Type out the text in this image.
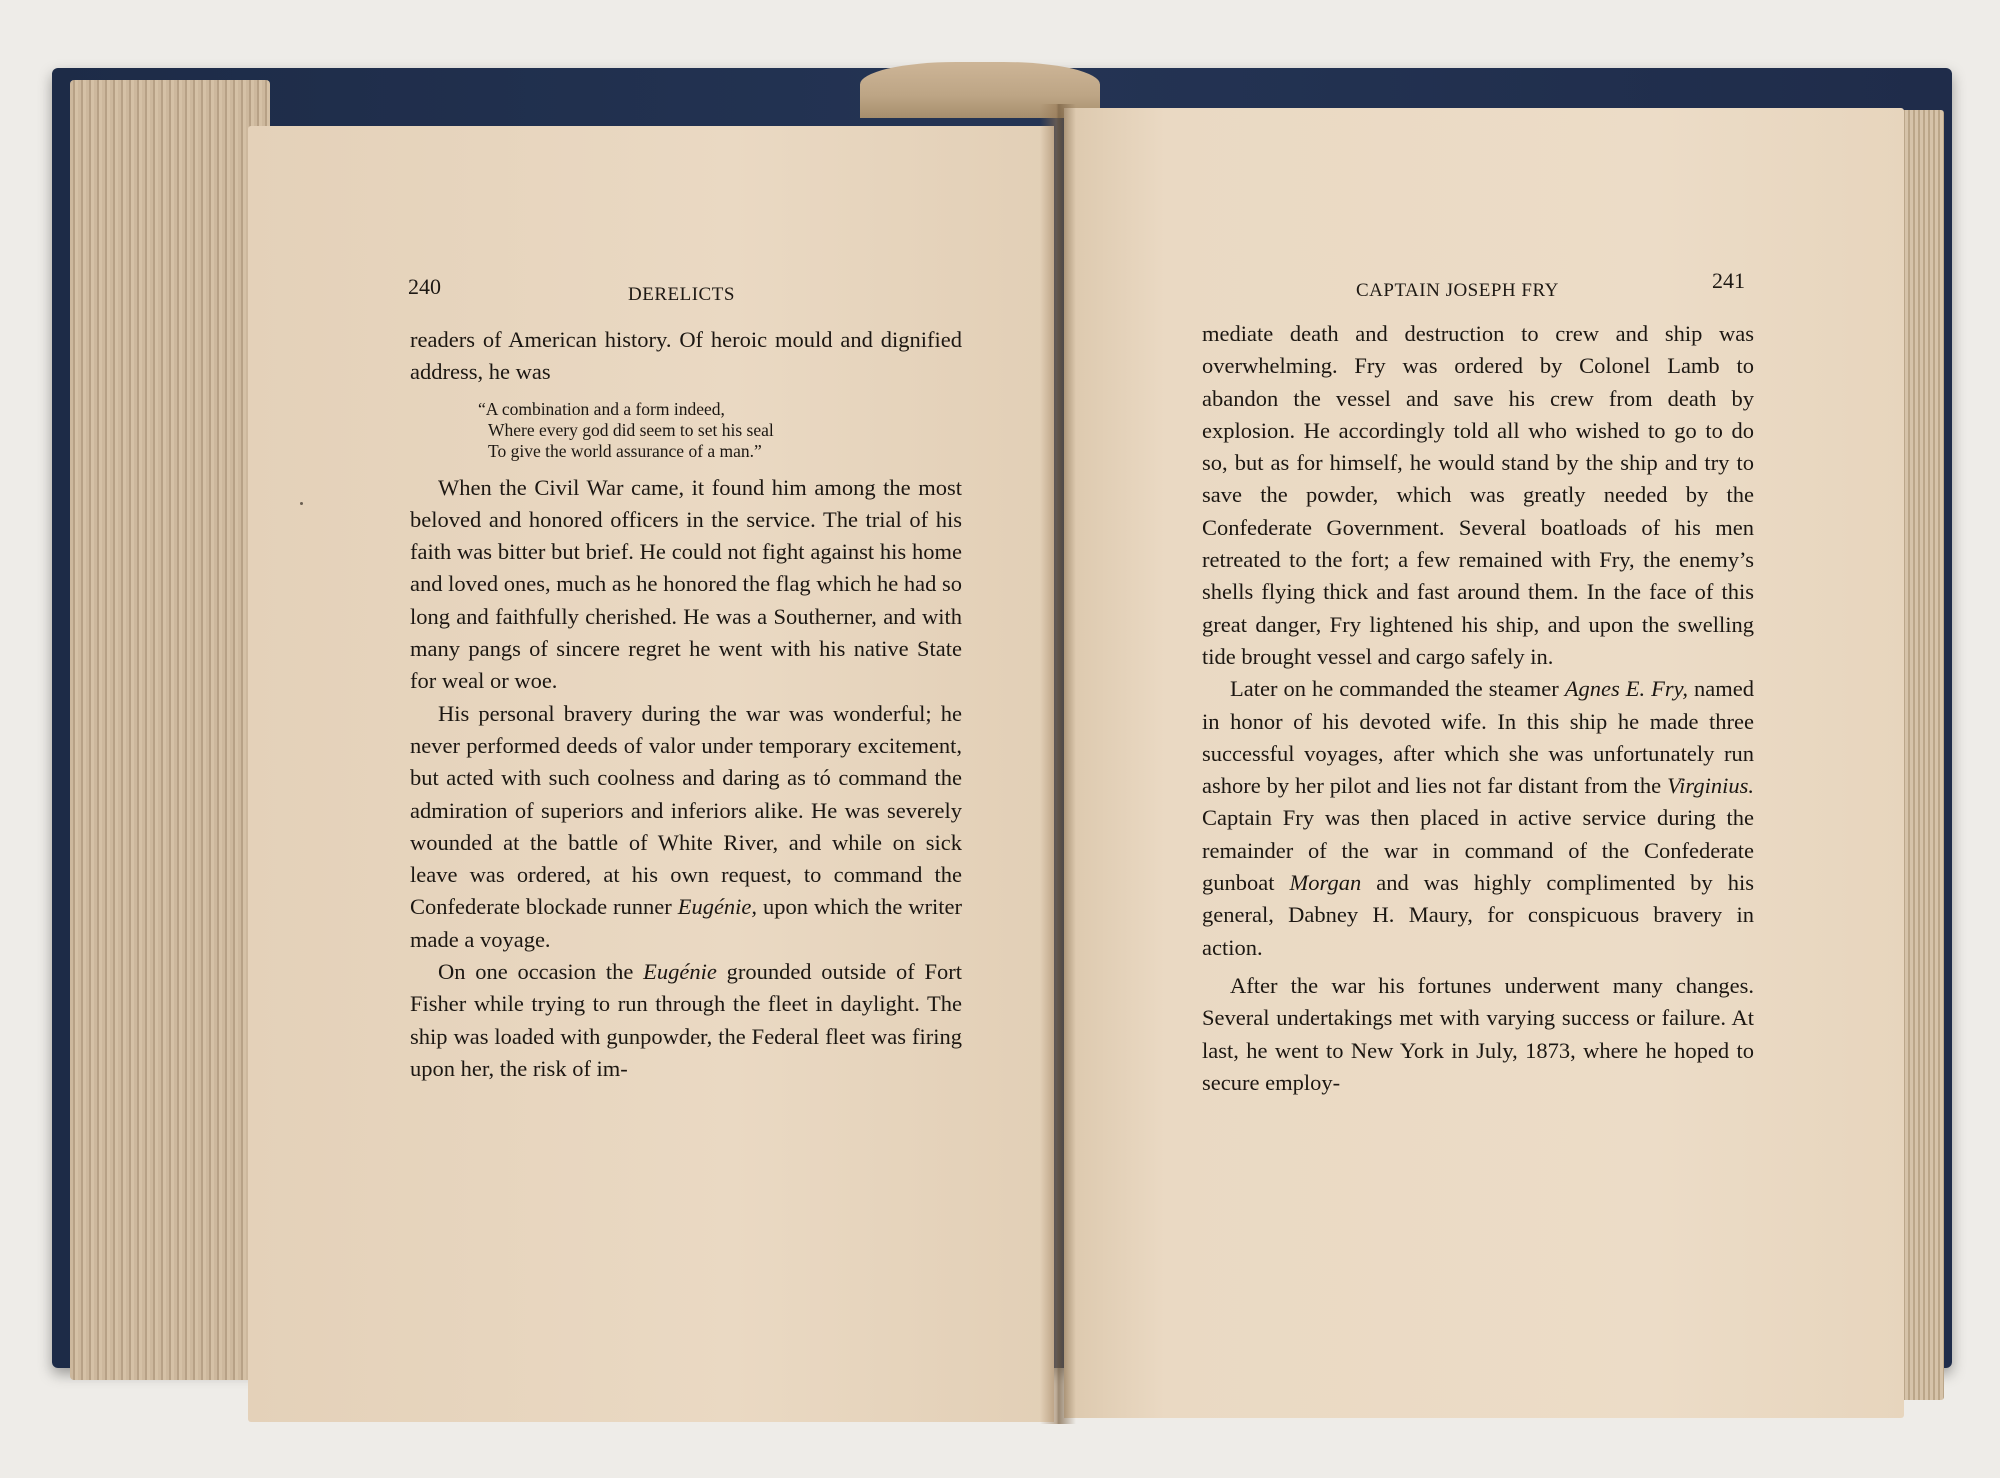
240	DERELICTS

readers of American history. Of heroic mould and dignified address, he was

“A combination and a form indeed,
Where every god did seem to set his seal
To give the world assurance of a man.”

When the Civil War came, it found him among the most beloved and honored officers in the service. The trial of his faith was bitter but brief. He could not fight against his home and loved ones, much as he honored the flag which he had so long and faithfully cherished. He was a Southerner, and with many pangs of sincere regret he went with his native State for weal or woe.

His personal bravery during the war was wonderful; he never performed deeds of valor under temporary excitement, but acted with such coolness and daring as tó command the admiration of superiors and inferiors alike. He was severely wounded at the battle of White River, and while on sick leave was ordered, at his own request, to command the Confederate blockade runner Eugénie, upon which the writer made a voyage.

On one occasion the Eugénie grounded outside of Fort Fisher while trying to run through the fleet in daylight. The ship was loaded with gunpowder, the Federal fleet was firing upon her, the risk of im-

CAPTAIN JOSEPH FRY	241

mediate death and destruction to crew and ship was overwhelming. Fry was ordered by Colonel Lamb to abandon the vessel and save his crew from death by explosion. He accordingly told all who wished to go to do so, but as for himself, he would stand by the ship and try to save the powder, which was greatly needed by the Confederate Government. Several boatloads of his men retreated to the fort; a few remained with Fry, the enemy’s shells flying thick and fast around them. In the face of this great danger, Fry lightened his ship, and upon the swelling tide brought vessel and cargo safely in.

Later on he commanded the steamer Agnes E. Fry, named in honor of his devoted wife. In this ship he made three successful voyages, after which she was unfortunately run ashore by her pilot and lies not far distant from the Virginius. Captain Fry was then placed in active service during the remainder of the war in command of the Confederate gunboat Morgan and was highly complimented by his general, Dabney H. Maury, for conspicuous bravery in action.

After the war his fortunes underwent many changes. Several undertakings met with varying success or failure. At last, he went to New York in July, 1873, where he hoped to secure employ-
